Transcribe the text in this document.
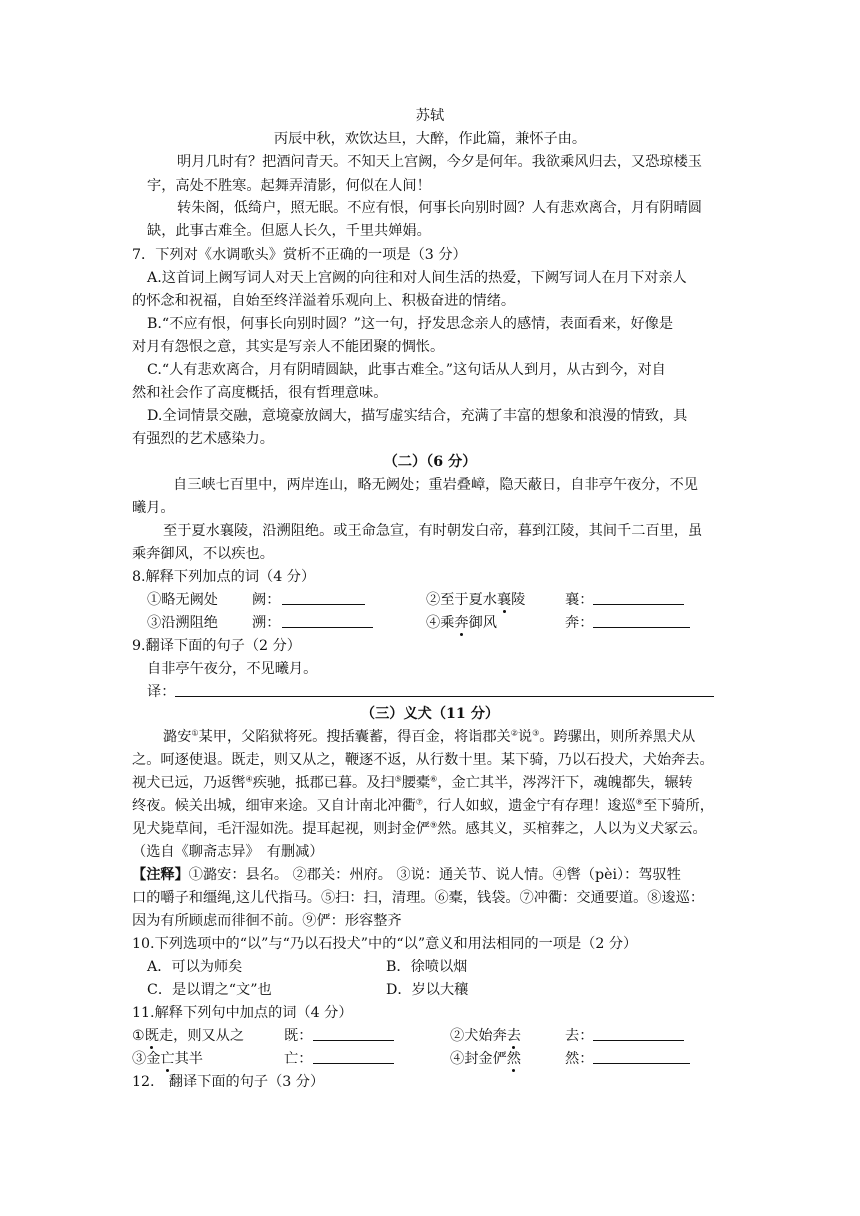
苏轼
丙辰中秋，欢饮达旦，大醉，作此篇，兼怀子由。
明月几时有？把酒问青天。不知天上宫阙，今夕是何年。我欲乘风归去，又恐琼楼玉
宇，高处不胜寒。起舞弄清影，何似在人间！
转朱阁，低绮户，照无眠。不应有恨，何事长向别时圆？人有悲欢离合，月有阴晴圆
缺，此事古难全。但愿人长久，千里共婵娟。
7．下列对《水调歌头》赏析不正确的一项是（3 分）
A.这首词上阙写词人对天上宫阙的向往和对人间生活的热爱，下阙写词人在月下对亲人
的怀念和祝福，自始至终洋溢着乐观向上、积极奋进的情绪。
B.“不应有恨，何事长向别时圆？”这一句，抒发思念亲人的感情，表面看来，好像是
对月有怨恨之意，其实是写亲人不能团聚的惆怅。
C.“人有悲欢离合，月有阴晴圆缺，此事古难全。”这句话从人到月，从古到今，对自
然和社会作了高度概括，很有哲理意味。
D.全词情景交融，意境豪放阔大，描写虚实结合，充满了丰富的想象和浪漫的情致，具
有强烈的艺术感染力。
（二）（6 分）
自三峡七百里中，两岸连山，略无阙处；重岩叠嶂，隐天蔽日，自非亭午夜分，不见
曦月。
至于夏水襄陵，沿溯阻绝。或王命急宣，有时朝发白帝，暮到江陵，其间千二百里，虽
乘奔御风，不以疾也。
8.解释下列加点的词（4 分）
①略无阙处 阙：	②至于夏水襄陵	襄：
③沿溯阻绝 溯：	④乘奔御风	奔：
9.翻译下面的句子（2 分）
自非亭午夜分，不见曦月。
译：
（三）义犬（11 分）
潞安①某甲，父陷狱将死。搜括囊蓄，得百金，将诣郡关②说③。跨骡出，则所养黑犬从
之。呵逐使退。既走，则又从之，鞭逐不返，从行数十里。某下骑，乃以石投犬，犬始奔去。
视犬已远，乃返辔④疾驰，抵郡已暮。及扫⑤腰橐⑥，金亡其半，涔涔汗下，魂魄都失，辗转
终夜。候关出城，细审来途。又自计南北冲衢⑦，行人如蚁，遗金宁有存理！逡巡⑧至下骑所，
见犬毙草间，毛汗湿如洗。提耳起视，则封金俨⑨然。感其义，买棺葬之，人以为义犬冢云。
（选自《聊斋志异》　有删减）
【注释】①潞安：县名。 ②郡关：州府。 ③说：通关节、说人情。④辔（pèi）：驾驭牲
口的嚼子和缰绳,这儿代指马。⑤扫：扫，清理。⑥橐，钱袋。⑦冲衢：交通要道。⑧逡巡：
因为有所顾虑而徘徊不前。⑨俨：形容整齐
10.下列选项中的“以”与“乃以石投犬”中的“以”意义和用法相同的一项是（2 分）
A．可以为师矣	B．徐喷以烟
C．是以谓之“文”也	D．岁以大穰
11.解释下列句中加点的词（4 分）
①既走，则又从之	既：	②犬始奔去	去：
③金亡其半	亡：	④封金俨然	然：
12.　翻译下面的句子（3 分）
